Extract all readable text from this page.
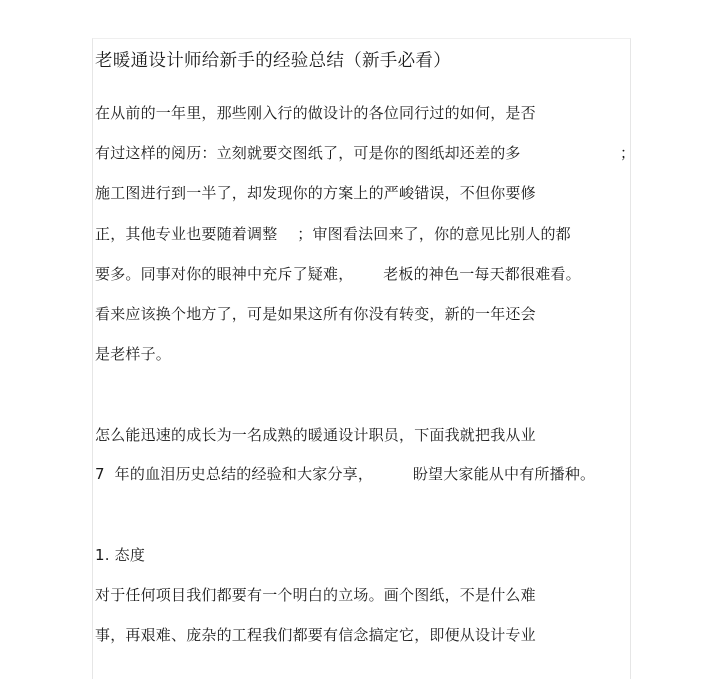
老暖通设计师给新手的经验总结（新手必看）
在从前的一年里，那些刚入行的做设计的各位同行过的如何，是否
有过这样的阅历：立刻就要交图纸了，可是你的图纸却还差的多	；
施工图进行到一半了，却发现你的方案上的严峻错误，不但你要修
正，其他专业也要随着调整    ；审图看法回来了，你的意见比别人的都
要多。同事对你的眼神中充斥了疑难，      老板的神色一每天都很难看。
看来应该换个地方了，可是如果这所有你没有转变，新的一年还会
是老样子。
怎么能迅速的成长为一名成熟的暖通设计职员，下面我就把我从业
7  年的血泪历史总结的经验和大家分享，        盼望大家能从中有所播种。
1. 态度
对于任何项目我们都要有一个明白的立场。画个图纸，不是什么难
事，再艰难、庞杂的工程我们都要有信念搞定它，即便从设计专业
